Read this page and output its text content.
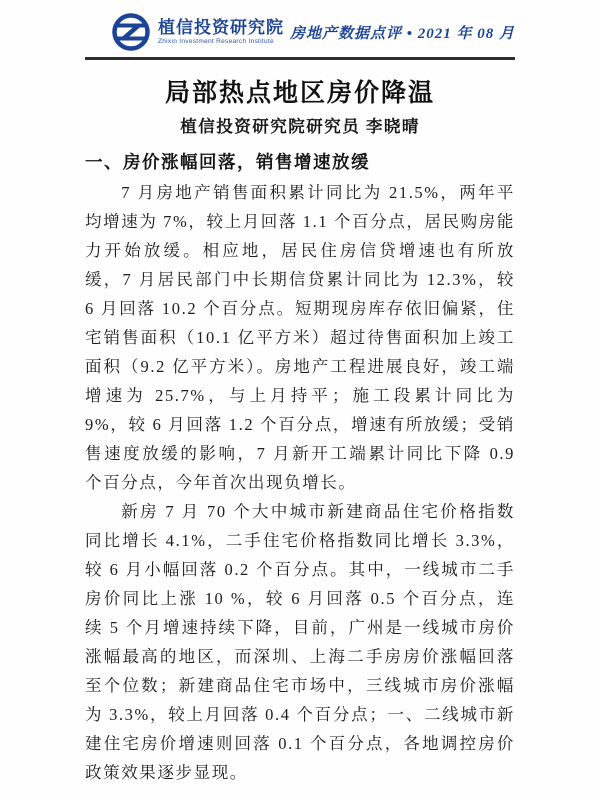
植信投资研究院
Zhixin Investment Research Institute	房地产数据点评 • 2021 年 08 月
局部热点地区房价降温
植信投资研究院研究员 李晓晴
一、房价涨幅回落，销售增速放缓

7 月房地产销售面积累计同比为 21.5%，两年平均增速为 7%，较上月回落 1.1 个百分点，居民购房能力开始放缓。相应地，居民住房信贷增速也有所放缓，7 月居民部门中长期信贷累计同比为 12.3%，较 6 月回落 10.2 个百分点。短期现房库存依旧偏紧，住宅销售面积（10.1 亿平方米）超过待售面积加上竣工面积（9.2 亿平方米）。房地产工程进展良好，竣工端增速为 25.7%，与上月持平；施工段累计同比为 9%，较 6 月回落 1.2 个百分点，增速有所放缓；受销售速度放缓的影响，7 月新开工端累计同比下降 0.9 个百分点，今年首次出现负增长。

新房 7 月 70 个大中城市新建商品住宅价格指数同比增长 4.1%，二手住宅价格指数同比增长 3.3%，较 6 月小幅回落 0.2 个百分点。其中，一线城市二手房价同比上涨 10 %，较 6 月回落 0.5 个百分点，连续 5 个月增速持续下降，目前，广州是一线城市房价涨幅最高的地区，而深圳、上海二手房房价涨幅回落至个位数；新建商品住宅市场中，三线城市房价涨幅为 3.3%，较上月回落 0.4 个百分点；一、二线城市新建住宅房价增速则回落 0.1 个百分点，各地调控房价政策效果逐步显现。
